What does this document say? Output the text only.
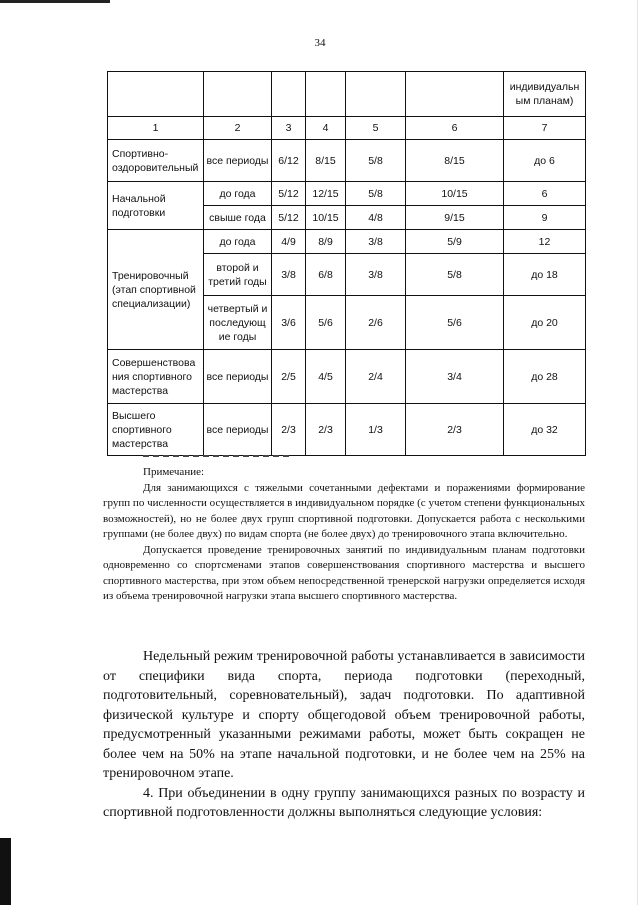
34
						индивидуальн ым планам)
1	2	3	4	5	6	7
Спортивно-оздоровительный	все периоды	6/12	8/15	5/8	8/15	до 6
Начальной подготовки	до года	5/12	12/15	5/8	10/15	6
	свыше года	5/12	10/15	4/8	9/15	9
Тренировочный (этап спортивной специализации)	до года	4/9	8/9	3/8	5/9	12
	второй и третий годы	3/8	6/8	3/8	5/8	до 18
	четвертый и последующ ие годы	3/6	5/6	2/6	5/6	до 20
Совершенствова ния спортивного мастерства	все периоды	2/5	4/5	2/4	3/4	до 28
Высшего спортивного мастерства	все периоды	2/3	2/3	1/3	2/3	до 32

Примечание:

Для занимающихся с тяжелыми сочетанными дефектами и поражениями формирование групп по численности осуществляется в индивидуальном порядке (с учетом степени функциональных возможностей), но не более двух групп спортивной подготовки. Допускается работа с несколькими группами (не более двух) по видам спорта (не более двух) до тренировочного этапа включительно.

Допускается проведение тренировочных занятий по индивидуальным планам подготовки одновременно со спортсменами этапов совершенствования спортивного мастерства и высшего спортивного мастерства, при этом объем непосредственной тренерской нагрузки определяется исходя из объема тренировочной нагрузки этапа высшего спортивного мастерства.

Недельный режим тренировочной работы устанавливается в зависимости от специфики вида спорта, периода подготовки (переходный, подготовительный, соревновательный), задач подготовки. По адаптивной физической культуре и спорту общегодовой объем тренировочной работы, предусмотренный указанными режимами работы, может быть сокращен не более чем на 50% на этапе начальной подготовки, и не более чем на 25% на тренировочном этапе.

4. При объединении в одну группу занимающихся разных по возрасту и спортивной подготовленности должны выполняться следующие условия:
